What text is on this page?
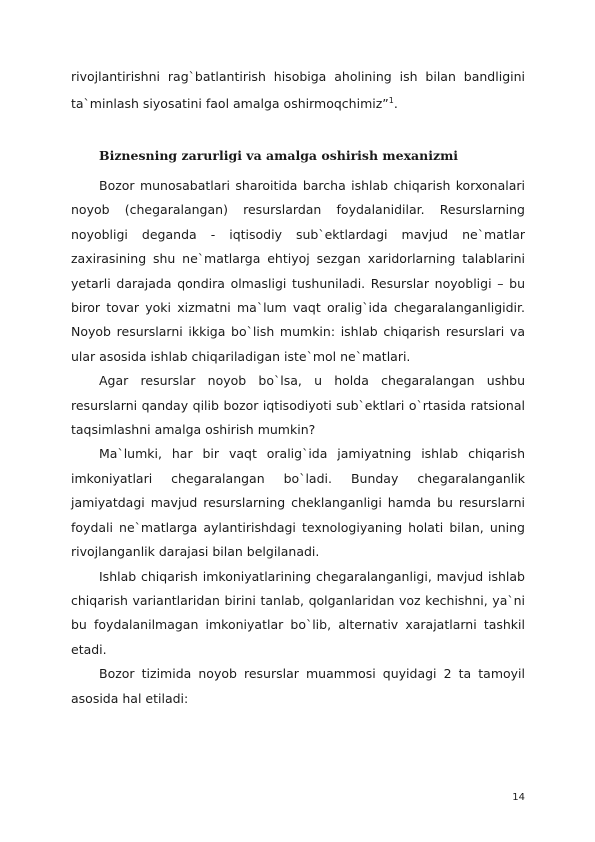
rivojlantirishni rag`batlantirish hisobiga aholining ish bilan bandligini ta`minlash siyosatini faol amalga oshirmoqchimiz”$^1$.

Biznesning zarurligi va amalga oshirish mexanizmi

Bozor munosabatlari sharoitida barcha ishlab chiqarish korxonalari noyob (chegaralangan) resurslardan foydalanidilar. Resurslarning noyobligi deganda - iqtisodiy sub`ektlardagi mavjud ne`matlar zaxirasining shu ne`matlarga ehtiyoj sezgan xaridorlarning talablarini yetarli darajada qondira olmasligi tushuniladi. Resurslar noyobligi – bu biror tovar yoki xizmatni ma`lum vaqt oralig`ida chegaralanganligidir. Noyob resurslarni ikkiga bo`lish mumkin: ishlab chiqarish resurslari va ular asosida ishlab chiqariladigan iste`mol ne`matlari.

Agar resurslar noyob bo`lsa, u holda chegaralangan ushbu resurslarni qanday qilib bozor iqtisodiyoti sub`ektlari o`rtasida ratsional taqsimlashni amalga oshirish mumkin?

Ma`lumki, har bir vaqt oralig`ida jamiyatning ishlab chiqarish imkoniyatlari chegaralangan bo`ladi. Bunday chegaralanganlik jamiyatdagi mavjud resurslarning cheklanganligi hamda bu resurslarni foydali ne`matlarga aylantirishdagi texnologiyaning holati bilan, uning rivojlanganlik darajasi bilan belgilanadi.

Ishlab chiqarish imkoniyatlarining chegaralanganligi, mavjud ishlab chiqarish variantlaridan birini tanlab, qolganlaridan voz kechishni, ya`ni bu foydalanilmagan imkoniyatlar bo`lib, alternativ xarajatlarni tashkil etadi.

Bozor tizimida noyob resurslar muammosi quyidagi 2 ta tamoyil asosida hal etiladi:

14
